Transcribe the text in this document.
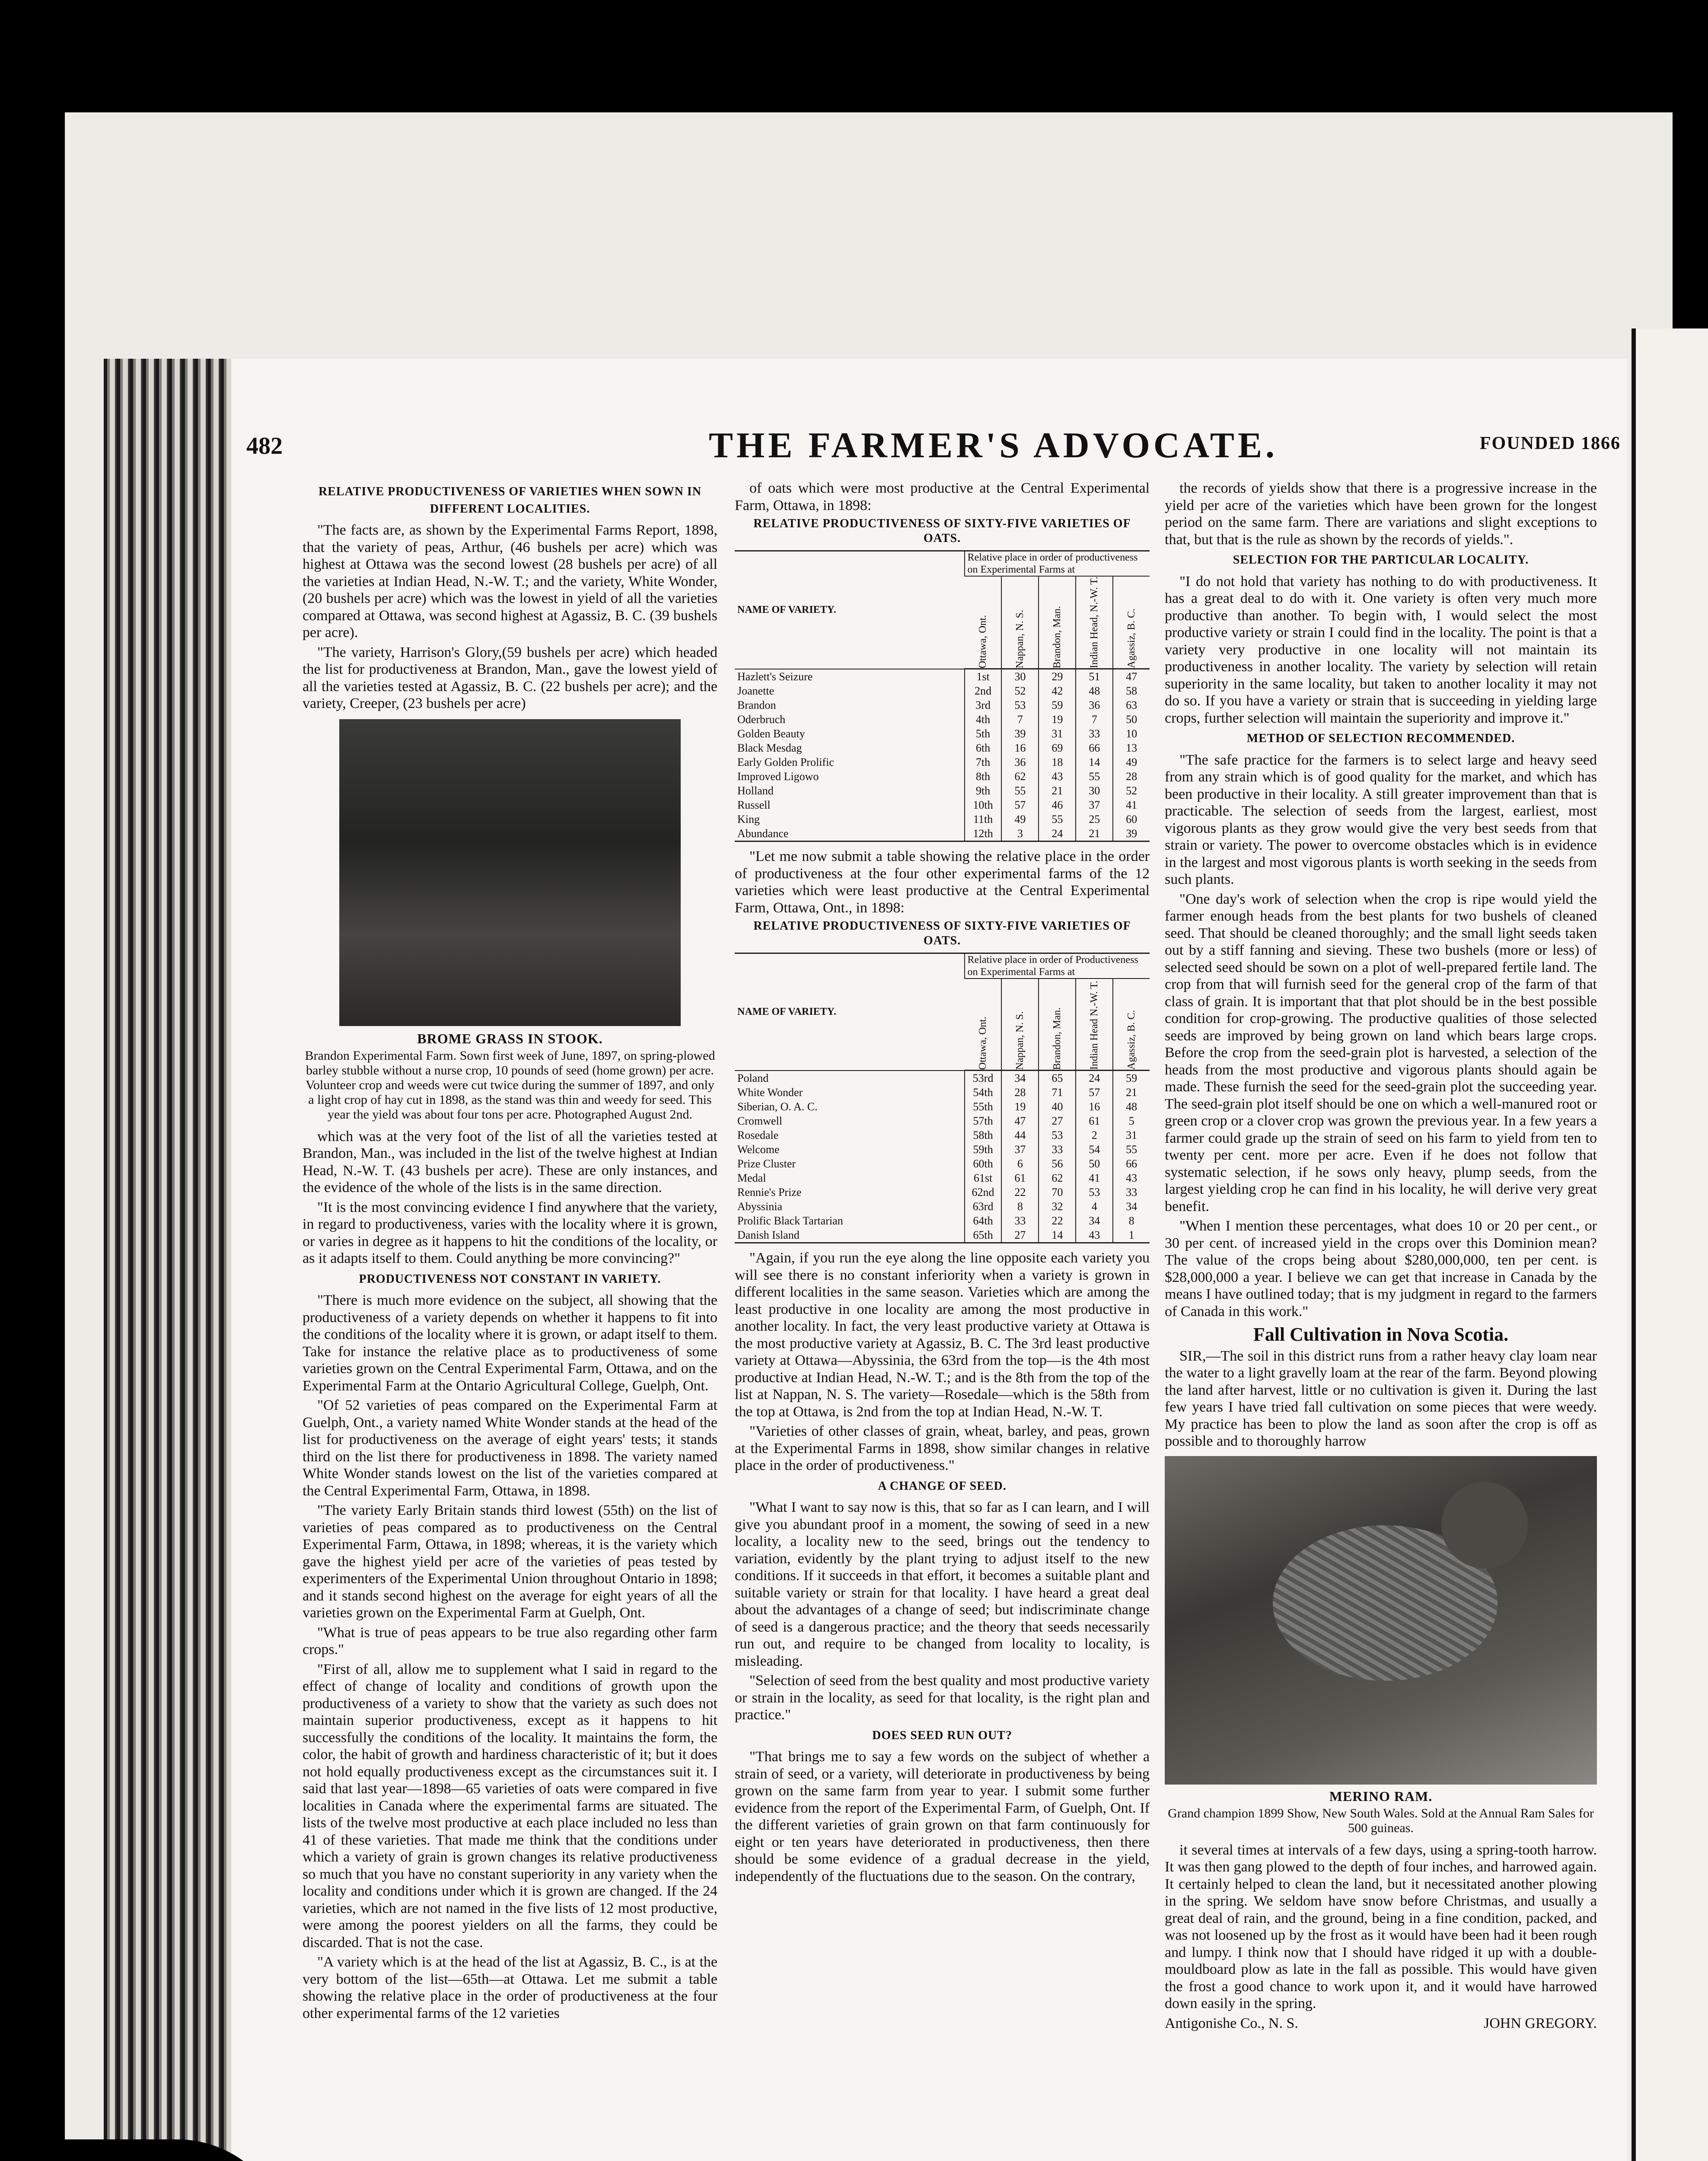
482	THE FARMER'S ADVOCATE.	FOUNDED 1866
RELATIVE PRODUCTIVENESS OF VARIETIES WHEN SOWN IN DIFFERENT LOCALITIES.

"The facts are, as shown by the Experimental Farms Report, 1898, that the variety of peas, Arthur, (46 bushels per acre) which was highest at Ottawa was the second lowest (28 bushels per acre) of all the varieties at Indian Head, N.-W. T.; and the variety, White Wonder,(20 bushels per acre) which was the lowest in yield of all the varieties compared at Ottawa, was second highest at Agassiz, B. C. (39 bushels per acre).

"The variety, Harrison's Glory,(59 bushels per acre) which headed the list for productiveness at Brandon, Man., gave the lowest yield of all the varieties tested at Agassiz, B. C. (22 bushels per acre); and the variety, Creeper, (23 bushels per acre)

BROME GRASS IN STOOK.
Brandon Experimental Farm. Sown first week of June, 1897, on spring-plowed barley stubble without a nurse crop, 10 pounds of seed (home grown) per acre. Volunteer crop and weeds were cut twice during the summer of 1897, and only a light crop of hay cut in 1898, as the stand was thin and weedy for seed. This year the yield was about four tons per acre. Photographed August 2nd.

which was at the very foot of the list of all the varieties tested at Brandon, Man., was included in the list of the twelve highest at Indian Head, N.-W. T. (43 bushels per acre). These are only instances, and the evidence of the whole of the lists is in the same direction.

"It is the most convincing evidence I find anywhere that the variety, in regard to productiveness, varies with the locality where it is grown, or varies in degree as it happens to hit the conditions of the locality, or as it adapts itself to them. Could anything be more convincing?"

PRODUCTIVENESS NOT CONSTANT IN VARIETY.

"There is much more evidence on the subject, all showing that the productiveness of a variety depends on whether it happens to fit into the conditions of the locality where it is grown, or adapt itself to them. Take for instance the relative place as to productiveness of some varieties grown on the Central Experimental Farm, Ottawa, and on the Experimental Farm at the Ontario Agricultural College, Guelph, Ont.

"Of 52 varieties of peas compared on the Experimental Farm at Guelph, Ont., a variety named White Wonder stands at the head of the list for productiveness on the average of eight years' tests; it stands third on the list there for productiveness in 1898. The variety named White Wonder stands lowest on the list of the varieties compared at the Central Experimental Farm, Ottawa, in 1898.

"The variety Early Britain stands third lowest (55th) on the list of varieties of peas compared as to productiveness on the Central Experimental Farm, Ottawa, in 1898; whereas, it is the variety which gave the highest yield per acre of the varieties of peas tested by experimenters of the Experimental Union throughout Ontario in 1898; and it stands second highest on the average for eight years of all the varieties grown on the Experimental Farm at Guelph, Ont.

"What is true of peas appears to be true also regarding other farm crops."

"First of all, allow me to supplement what I said in regard to the effect of change of locality and conditions of growth upon the productiveness of a variety to show that the variety as such does not maintain superior productiveness, except as it happens to hit successfully the conditions of the locality. It maintains the form, the color, the habit of growth and hardiness characteristic of it; but it does not hold equally productiveness except as the circumstances suit it. I said that last year—1898—65 varieties of oats were compared in five localities in Canada where the experimental farms are situated. The lists of the twelve most productive at each place included no less than 41 of these varieties. That made me think that the conditions under which a variety of grain is grown changes its relative productiveness so much that you have no constant superiority in any variety when the locality and conditions under which it is grown are changed. If the 24 varieties, which are not named in the five lists of 12 most productive, were among the poorest yielders on all the farms, they could be discarded. That is not the case.

"A variety which is at the head of the list at Agassiz, B. C., is at the very bottom of the list—65th—at Ottawa. Let me submit a table showing the relative place in the order of productiveness at the four other experimental farms of the 12 varieties

of oats which were most productive at the Central Experimental Farm, Ottawa, in 1898:

RELATIVE PRODUCTIVENESS OF SIXTY-FIVE VARIETIES OF OATS.
NAME OF VARIETY.	Relative place in order of productiveness on Experimental Farms at				

	Ottawa, Ont.	Nappan, N. S.	Brandon, Man.	Indian Head, N.-W. T.	Agassiz, B. C.

Hazlett's Seizure	1st	30	29	51	47
Joanette	2nd	52	42	48	58
Brandon	3rd	53	59	36	63
Oderbruch	4th	7	19	7	50
Golden Beauty	5th	39	31	33	10
Black Mesdag	6th	16	69	66	13
Early Golden Prolific	7th	36	18	14	49
Improved Ligowo	8th	62	43	55	28
Holland	9th	55	21	30	52
Russell	10th	57	46	37	41
King	11th	49	55	25	60
Abundance	12th	3	24	21	39

"Let me now submit a table showing the relative place in the order of productiveness at the four other experimental farms of the 12 varieties which were least productive at the Central Experimental Farm, Ottawa, Ont., in 1898:

RELATIVE PRODUCTIVENESS OF SIXTY-FIVE VARIETIES OF OATS.
NAME OF VARIETY.	Relative place in order of Productiveness on Experimental Farms at				

	Ottawa, Ont.	Nappan, N. S.	Brandon, Man.	Indian Head N.-W. T.	Agassiz, B. C.

Poland	53rd	34	65	24	59
White Wonder	54th	28	71	57	21
Siberian, O. A. C.	55th	19	40	16	48
Cromwell	57th	47	27	61	5
Rosedale	58th	44	53	2	31
Welcome	59th	37	33	54	55
Prize Cluster	60th	6	56	50	66
Medal	61st	61	62	41	43
Rennie's Prize	62nd	22	70	53	33
Abyssinia	63rd	8	32	4	34
Prolific Black Tartarian	64th	33	22	34	8
Danish Island	65th	27	14	43	1

"Again, if you run the eye along the line opposite each variety you will see there is no constant inferiority when a variety is grown in different localities in the same season. Varieties which are among the least productive in one locality are among the most productive in another locality. In fact, the very least productive variety at Ottawa is the most productive variety at Agassiz, B. C. The 3rd least productive variety at Ottawa—Abyssinia, the 63rd from the top—is the 4th most productive at Indian Head, N.-W. T.; and is the 8th from the top of the list at Nappan, N. S. The variety—Rosedale—which is the 58th from the top at Ottawa, is 2nd from the top at Indian Head, N.-W. T.

"Varieties of other classes of grain, wheat, barley, and peas, grown at the Experimental Farms in 1898, show similar changes in relative place in the order of productiveness."

A CHANGE OF SEED.

"What I want to say now is this, that so far as I can learn, and I will give you abundant proof in a moment, the sowing of seed in a new locality, a locality new to the seed, brings out the tendency to variation, evidently by the plant trying to adjust itself to the new conditions. If it succeeds in that effort, it becomes a suitable plant and suitable variety or strain for that locality. I have heard a great deal about the advantages of a change of seed; but indiscriminate change of seed is a dangerous practice; and the theory that seeds necessarily run out, and require to be changed from locality to locality, is misleading.

"Selection of seed from the best quality and most productive variety or strain in the locality, as seed for that locality, is the right plan and practice."

DOES SEED RUN OUT?

"That brings me to say a few words on the subject of whether a strain of seed, or a variety, will deteriorate in productiveness by being grown on the same farm from year to year. I submit some further evidence from the report of the Experimental Farm, of Guelph, Ont. If the different varieties of grain grown on that farm continuously for eight or ten years have deteriorated in productiveness, then there should be some evidence of a gradual decrease in the yield, independently of the fluctuations due to the season. On the contrary,

the records of yields show that there is a progressive increase in the yield per acre of the varieties which have been grown for the longest period on the same farm. There are variations and slight exceptions to that, but that is the rule as shown by the records of yields.".

SELECTION FOR THE PARTICULAR LOCALITY.

"I do not hold that variety has nothing to do with productiveness. It has a great deal to do with it. One variety is often very much more productive than another. To begin with, I would select the most productive variety or strain I could find in the locality. The point is that a variety very productive in one locality will not maintain its productiveness in another locality. The variety by selection will retain superiority in the same locality, but taken to another locality it may not do so. If you have a variety or strain that is succeeding in yielding large crops, further selection will maintain the superiority and improve it."

METHOD OF SELECTION RECOMMENDED.

"The safe practice for the farmers is to select large and heavy seed from any strain which is of good quality for the market, and which has been productive in their locality. A still greater improvement than that is practicable. The selection of seeds from the largest, earliest, most vigorous plants as they grow would give the very best seeds from that strain or variety. The power to overcome obstacles which is in evidence in the largest and most vigorous plants is worth seeking in the seeds from such plants.

"One day's work of selection when the crop is ripe would yield the farmer enough heads from the best plants for two bushels of cleaned seed. That should be cleaned thoroughly; and the small light seeds taken out by a stiff fanning and sieving. These two bushels (more or less) of selected seed should be sown on a plot of well-prepared fertile land. The crop from that will furnish seed for the general crop of the farm of that class of grain. It is important that that plot should be in the best possible condition for crop-growing. The productive qualities of those selected seeds are improved by being grown on land which bears large crops. Before the crop from the seed-grain plot is harvested, a selection of the heads from the most productive and vigorous plants should again be made. These furnish the seed for the seed-grain plot the succeeding year. The seed-grain plot itself should be one on which a well-manured root or green crop or a clover crop was grown the previous year. In a few years a farmer could grade up the strain of seed on his farm to yield from ten to twenty per cent. more per acre. Even if he does not follow that systematic selection, if he sows only heavy, plump seeds, from the largest yielding crop he can find in his locality, he will derive very great benefit.

"When I mention these percentages, what does 10 or 20 per cent., or 30 per cent. of increased yield in the crops over this Dominion mean? The value of the crops being about $280,000,000, ten per cent. is $28,000,000 a year. I believe we can get that increase in Canada by the means I have outlined today; that is my judgment in regard to the farmers of Canada in this work."

Fall Cultivation in Nova Scotia.

SIR,—The soil in this district runs from a rather heavy clay loam near the water to a light gravelly loam at the rear of the farm. Beyond plowing the land after harvest, little or no cultivation is given it. During the last few years I have tried fall cultivation on some pieces that were weedy. My practice has been to plow the land as soon after the crop is off as possible and to thoroughly harrow

MERINO RAM.
Grand champion 1899 Show, New South Wales. Sold at the Annual Ram Sales for 500 guineas.

it several times at intervals of a few days, using a spring-tooth harrow. It was then gang plowed to the depth of four inches, and harrowed again. It certainly helped to clean the land, but it necessitated another plowing in the spring. We seldom have snow before Christmas, and usually a great deal of rain, and the ground, being in a fine condition, packed, and was not loosened up by the frost as it would have been had it been rough and lumpy. I think now that I should have ridged it up with a double-mouldboard plow as late in the fall as possible. This would have given the frost a good chance to work upon it, and it would have harrowed down easily in the spring.

Antigonishe Co., N. S.	JOHN GREGORY.
